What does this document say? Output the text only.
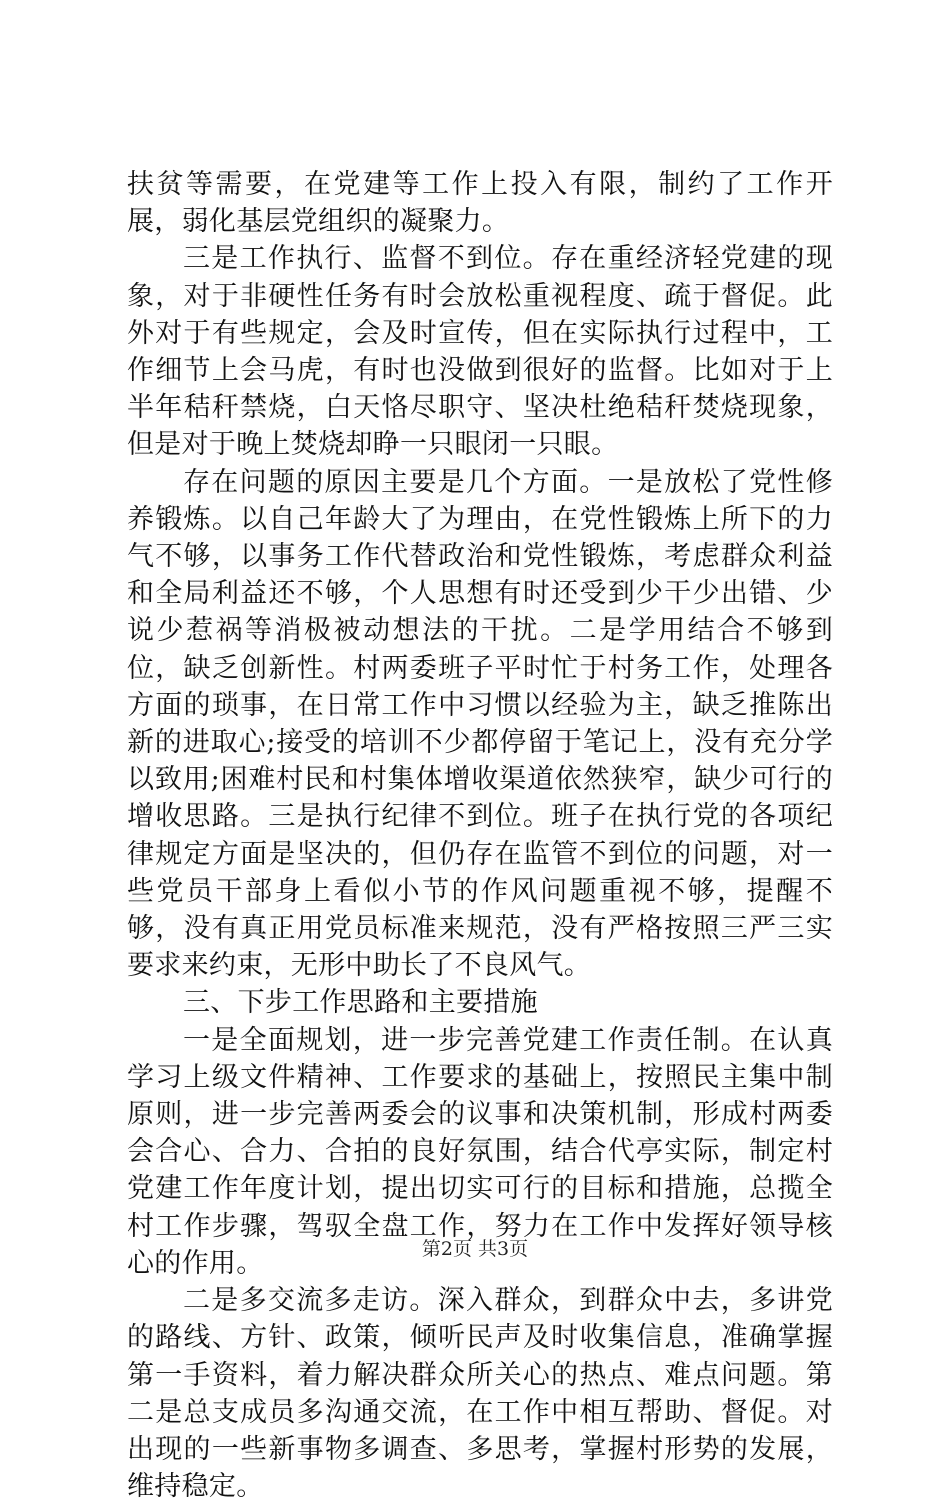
扶贫等需要，在党建等工作上投入有限，制约了工作开展，弱化基层党组织的凝聚力。

三是工作执行、监督不到位。存在重经济轻党建的现象，对于非硬性任务有时会放松重视程度、疏于督促。此外对于有些规定，会及时宣传，但在实际执行过程中，工作细节上会马虎，有时也没做到很好的监督。比如对于上半年秸秆禁烧，白天恪尽职守、坚决杜绝秸秆焚烧现象，但是对于晚上焚烧却睁一只眼闭一只眼。

存在问题的原因主要是几个方面。一是放松了党性修养锻炼。以自己年龄大了为理由，在党性锻炼上所下的力气不够，以事务工作代替政治和党性锻炼，考虑群众利益和全局利益还不够，个人思想有时还受到少干少出错、少说少惹祸等消极被动想法的干扰。二是学用结合不够到位，缺乏创新性。村两委班子平时忙于村务工作，处理各方面的琐事，在日常工作中习惯以经验为主，缺乏推陈出新的进取心;接受的培训不少都停留于笔记上，没有充分学以致用;困难村民和村集体增收渠道依然狭窄，缺少可行的增收思路。三是执行纪律不到位。班子在执行党的各项纪律规定方面是坚决的，但仍存在监管不到位的问题，对一些党员干部身上看似小节的作风问题重视不够，提醒不够，没有真正用党员标准来规范，没有严格按照三严三实要求来约束，无形中助长了不良风气。

三、下步工作思路和主要措施

一是全面规划，进一步完善党建工作责任制。在认真学习上级文件精神、工作要求的基础上，按照民主集中制原则，进一步完善两委会的议事和决策机制，形成村两委会合心、合力、合拍的良好氛围，结合代亭实际，制定村党建工作年度计划，提出切实可行的目标和措施，总揽全村工作步骤，驾驭全盘工作，努力在工作中发挥好领导核心的作用。

二是多交流多走访。深入群众，到群众中去，多讲党的路线、方针、政策，倾听民声及时收集信息，准确掌握第一手资料，着力解决群众所关心的热点、难点问题。第二是总支成员多沟通交流，在工作中相互帮助、督促。对出现的一些新事物多调查、多思考，掌握村形势的发展，维持稳定。

第2页 共3页
